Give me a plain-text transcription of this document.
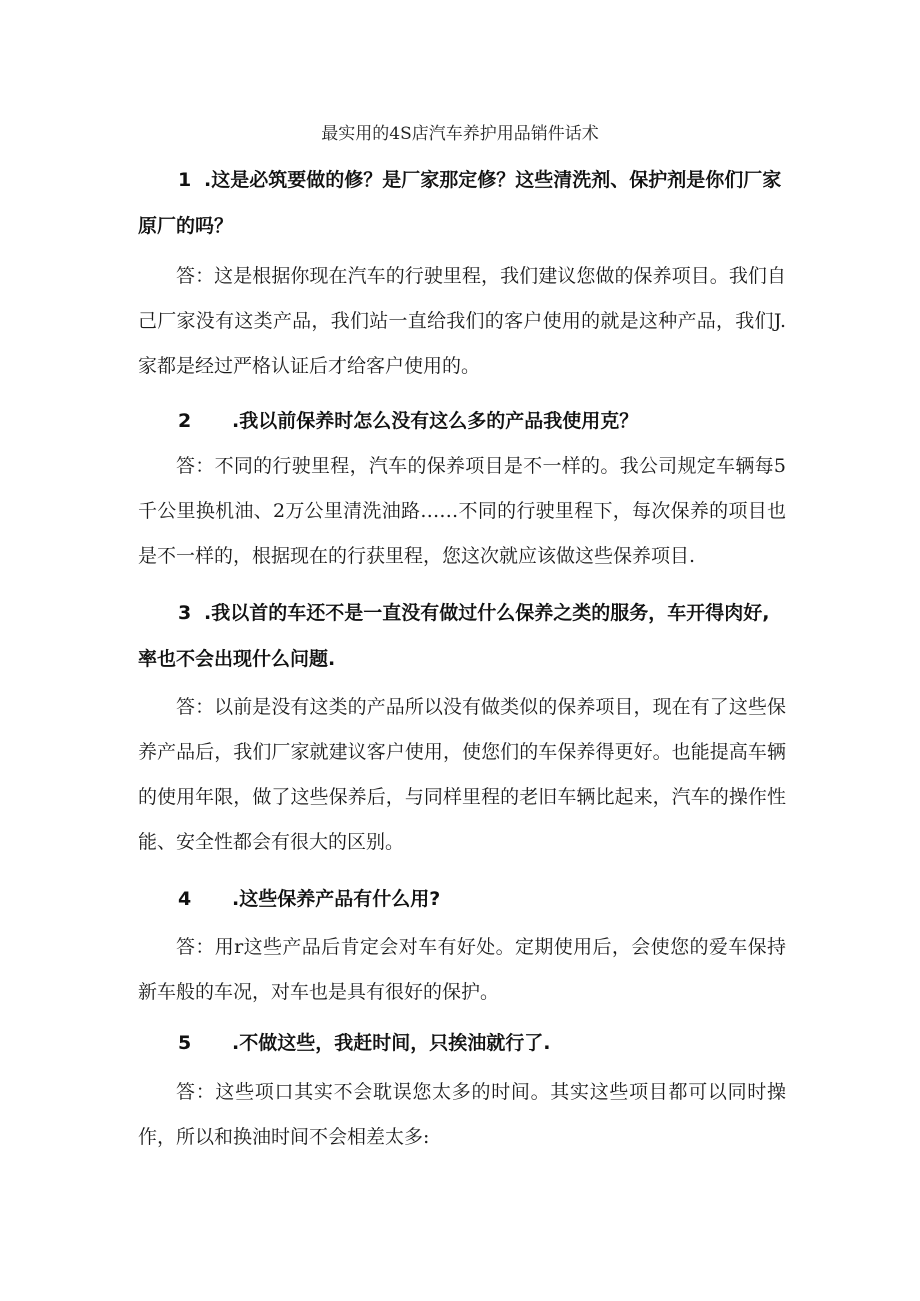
最实用的4S店汽车养护用品销件话术
1 .这是必筑要做的修？是厂家那定修？这些清洗剂、保护剂是你们厂家原厂的吗？
答：这是根据你现在汽车的行驶里程，我们建议您做的保养项目。我们自己厂家没有这类产品，我们站一直给我们的客户使用的就是这种产品，我们J.家都是经过严格认证后才给客户使用的。
2	.我以前保养时怎么没有这么多的产品我使用克？
答：不同的行驶里程，汽车的保养项目是不一样的。我公司规定车辆每5千公里换机油、2万公里清洗油路……不同的行驶里程下，每次保养的项目也是不一样的，根据现在的行获里程，您这次就应该做这些保养项目.
3 .我以首的车还不是一直没有做过什么保养之类的服务，车开得肉好,率也不会出现什么问题.
答：以前是没有这类的产品所以没有做类似的保养项目，现在有了这些保养产品后，我们厂家就建议客户使用，使您们的车保养得更好。也能提高车辆的使用年限，做了这些保养后，与同样里程的老旧车辆比起来，汽车的操作性能、安全性都会有很大的区别。
4	.这些保养产品有什么用?
答：用r这些产品后肯定会对车有好处。定期使用后，会使您的爱车保持新车般的车况，对车也是具有很好的保护。
5	.不做这些，我赶时间，只挨油就行了.
答：这些项口其实不会耽误您太多的时间。其实这些项目都可以同时操作，所以和换油时间不会相差太多:
